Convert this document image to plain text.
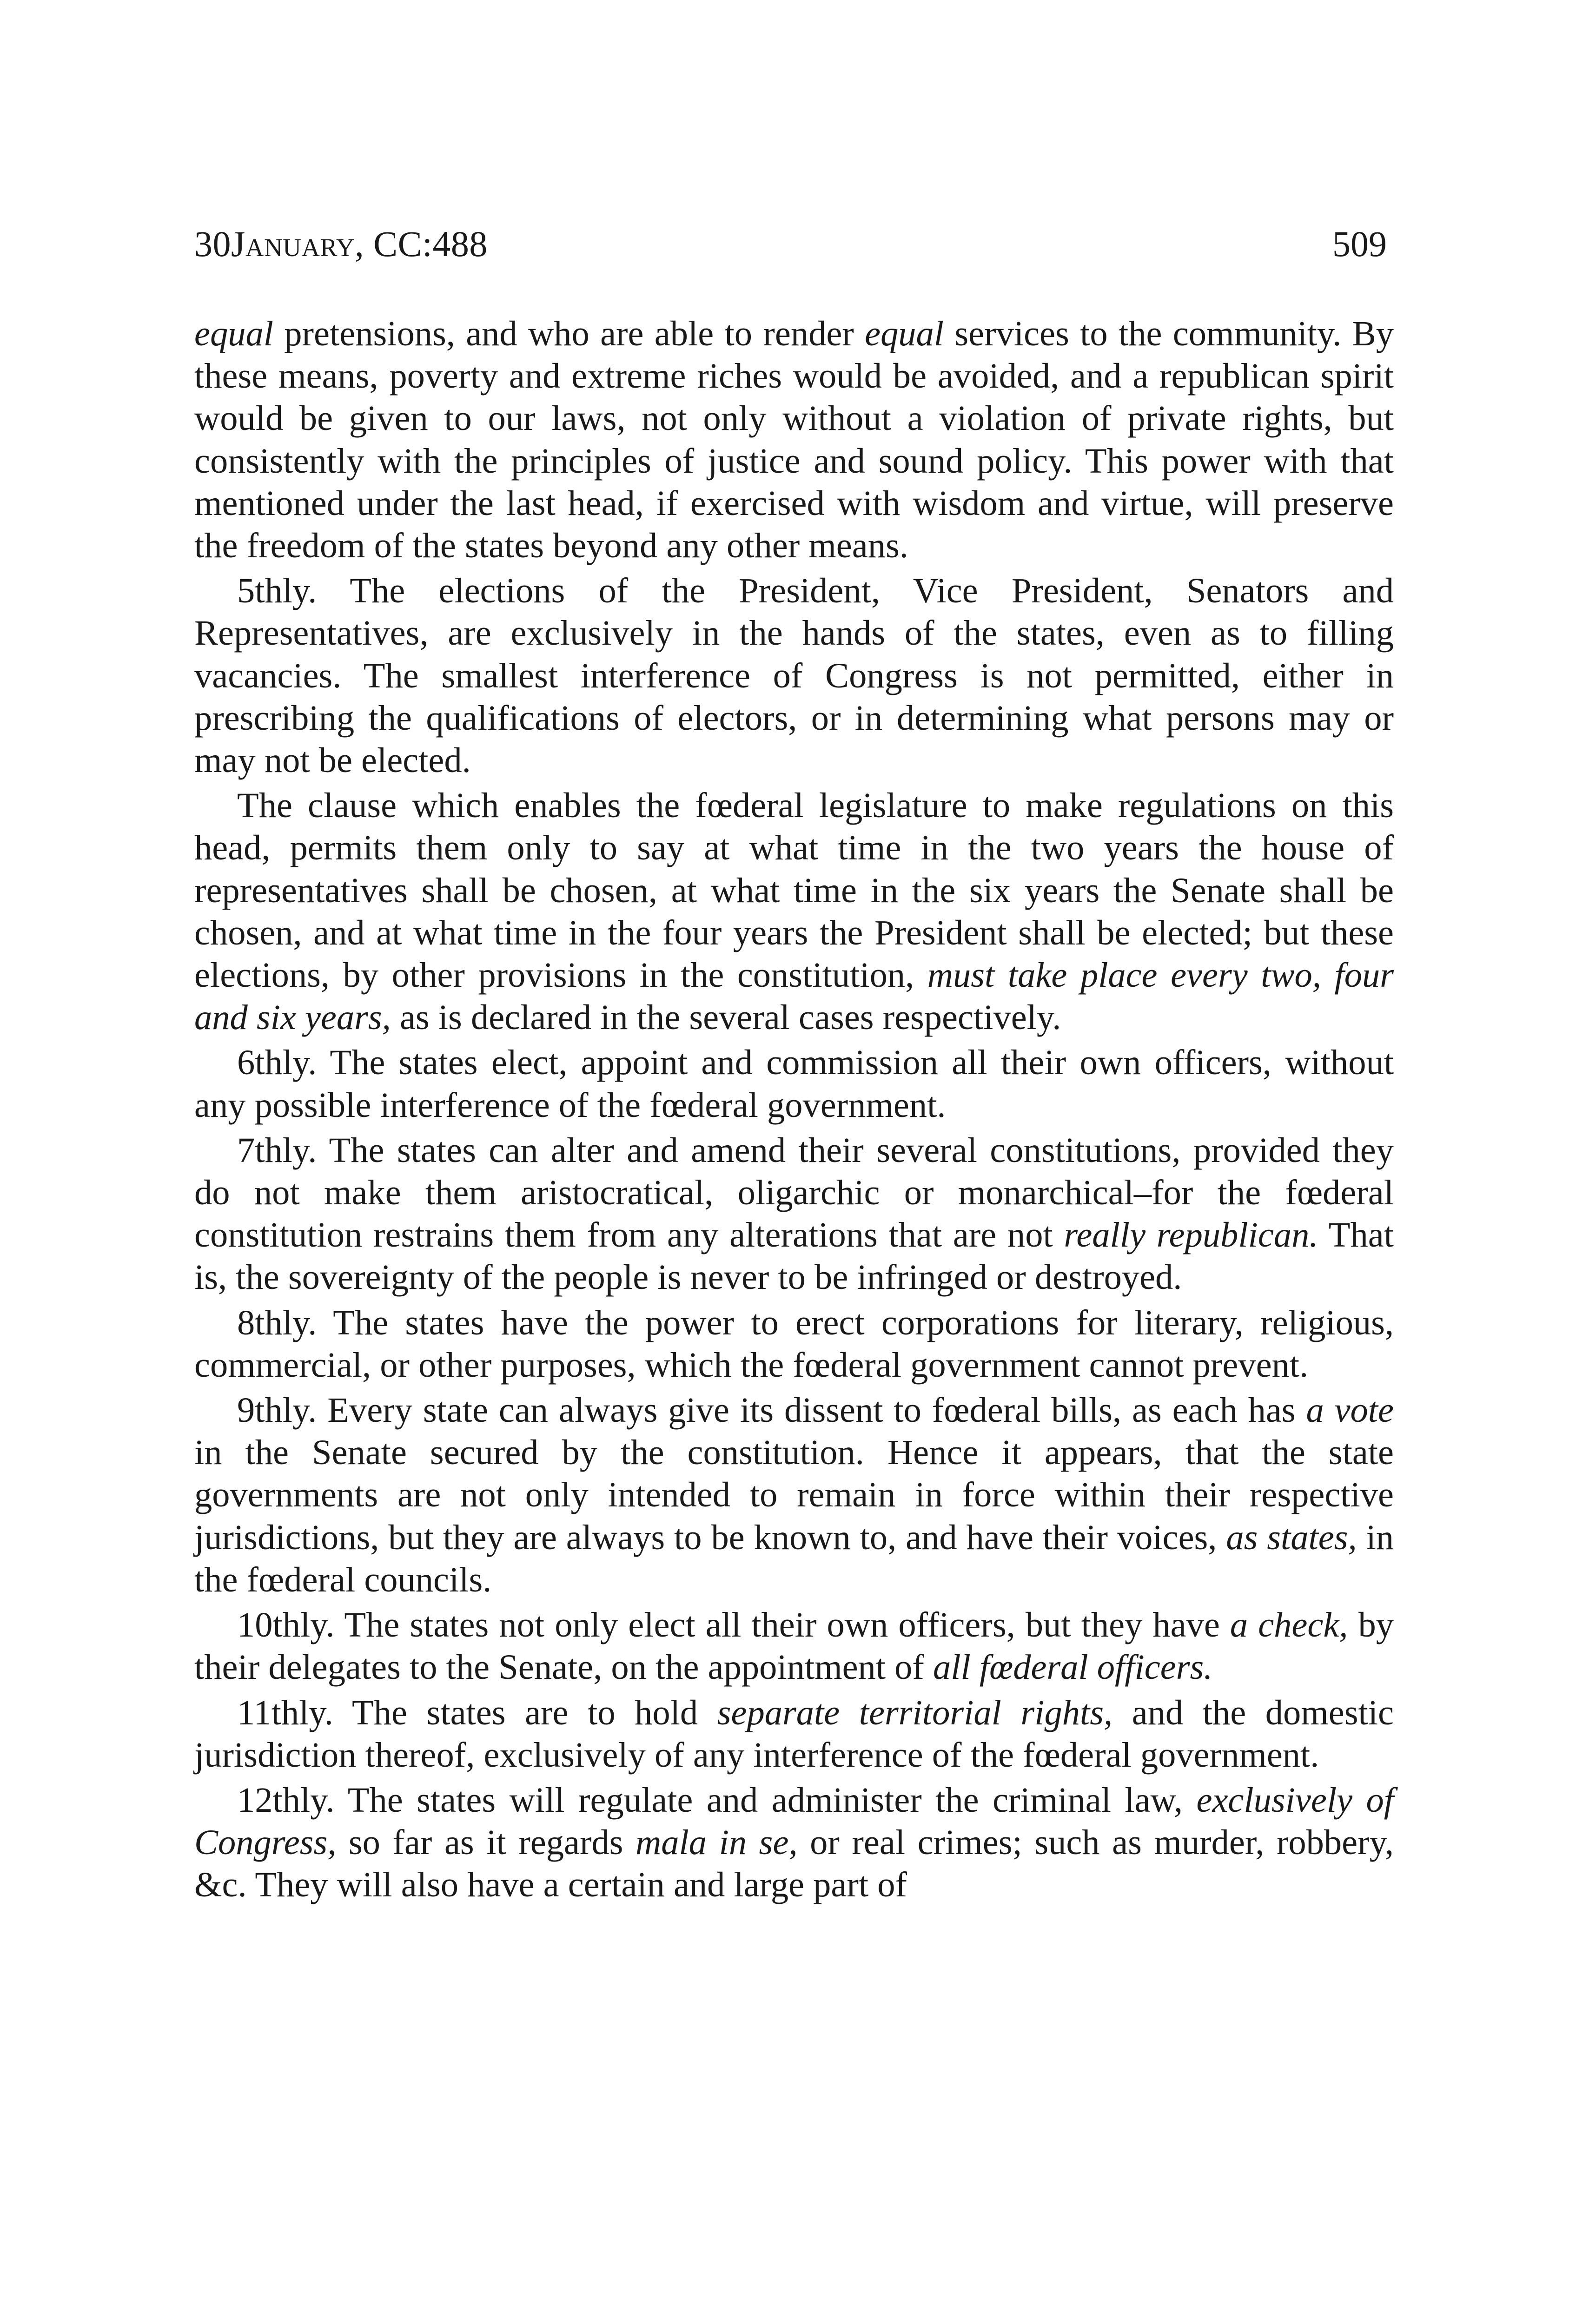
30January, CC:488	509

equal pretensions, and who are able to render equal services to the community. By these means, poverty and extreme riches would be avoided, and a republican spirit would be given to our laws, not only without a violation of private rights, but consistently with the principles of justice and sound policy. This power with that mentioned under the last head, if exercised with wisdom and virtue, will preserve the freedom of the states beyond any other means.

5thly. The elections of the President, Vice President, Senators and Representatives, are exclusively in the hands of the states, even as to filling vacancies. The smallest interference of Congress is not permitted, either in prescribing the qualifications of electors, or in determining what persons may or may not be elected.

The clause which enables the fœderal legislature to make regulations on this head, permits them only to say at what time in the two years the house of representatives shall be chosen, at what time in the six years the Senate shall be chosen, and at what time in the four years the President shall be elected; but these elections, by other provisions in the constitution, must take place every two, four and six years, as is declared in the several cases respectively.

6thly. The states elect, appoint and commission all their own officers, without any possible interference of the fœderal government.

7thly. The states can alter and amend their several constitutions, provided they do not make them aristocratical, oligarchic or monarchical–for the fœderal constitution restrains them from any alterations that are not really republican. That is, the sovereignty of the people is never to be infringed or destroyed.

8thly. The states have the power to erect corporations for literary, religious, commercial, or other purposes, which the fœderal government cannot prevent.

9thly. Every state can always give its dissent to fœderal bills, as each has a vote in the Senate secured by the constitution. Hence it appears, that the state governments are not only intended to remain in force within their respective jurisdictions, but they are always to be known to, and have their voices, as states, in the fœderal councils.

10thly. The states not only elect all their own officers, but they have a check, by their delegates to the Senate, on the appointment of all fœderal officers.

11thly. The states are to hold separate territorial rights, and the domestic jurisdiction thereof, exclusively of any interference of the fœderal government.

12thly. The states will regulate and administer the criminal law, exclusively of Congress, so far as it regards mala in se, or real crimes; such as murder, robbery, &c. They will also have a certain and large part of
